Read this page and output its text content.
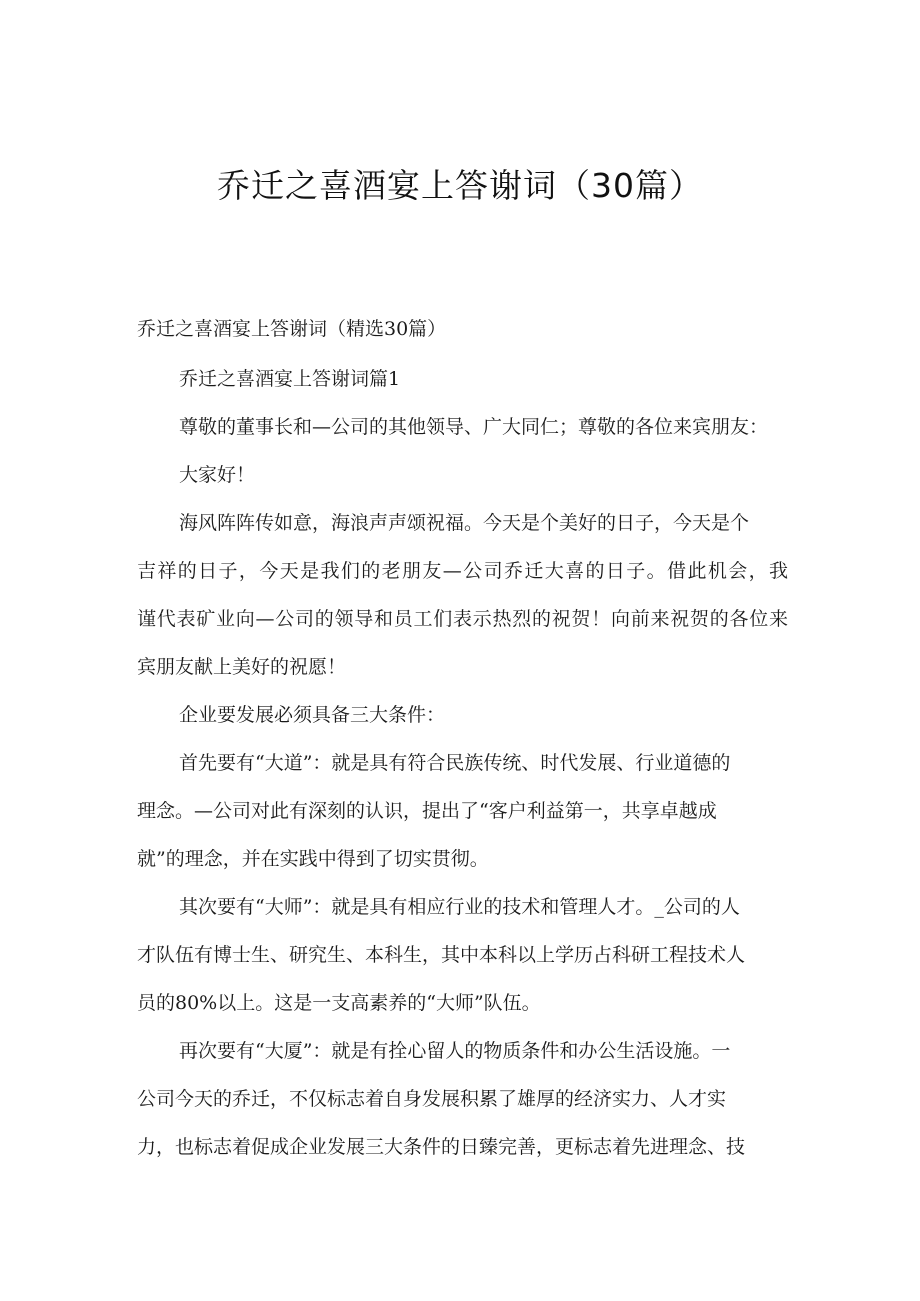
乔迁之喜酒宴上答谢词（30篇）
乔迁之喜酒宴上答谢词（精选30篇）
乔迁之喜酒宴上答谢词篇1
尊敬的董事长和—公司的其他领导、广大同仁；尊敬的各位来宾朋友：
大家好！
海风阵阵传如意，海浪声声颂祝福。今天是个美好的日子，今天是个
吉祥的日子，今天是我们的老朋友—公司乔迁大喜的日子。借此机会，我
谨代表矿业向—公司的领导和员工们表示热烈的祝贺！向前来祝贺的各位来
宾朋友献上美好的祝愿！
企业要发展必须具备三大条件：
首先要有“大道”：就是具有符合民族传统、时代发展、行业道德的
理念。—公司对此有深刻的认识，提出了“客户利益第一，共享卓越成
就”的理念，并在实践中得到了切实贯彻。
其次要有“大师”：就是具有相应行业的技术和管理人才。_公司的人
才队伍有博士生、研究生、本科生，其中本科以上学历占科研工程技术人
员的80%以上。这是一支高素养的“大师”队伍。
再次要有“大厦”：就是有拴心留人的物质条件和办公生活设施。一
公司今天的乔迁，不仅标志着自身发展积累了雄厚的经济实力、人才实
力，也标志着促成企业发展三大条件的日臻完善，更标志着先进理念、技
